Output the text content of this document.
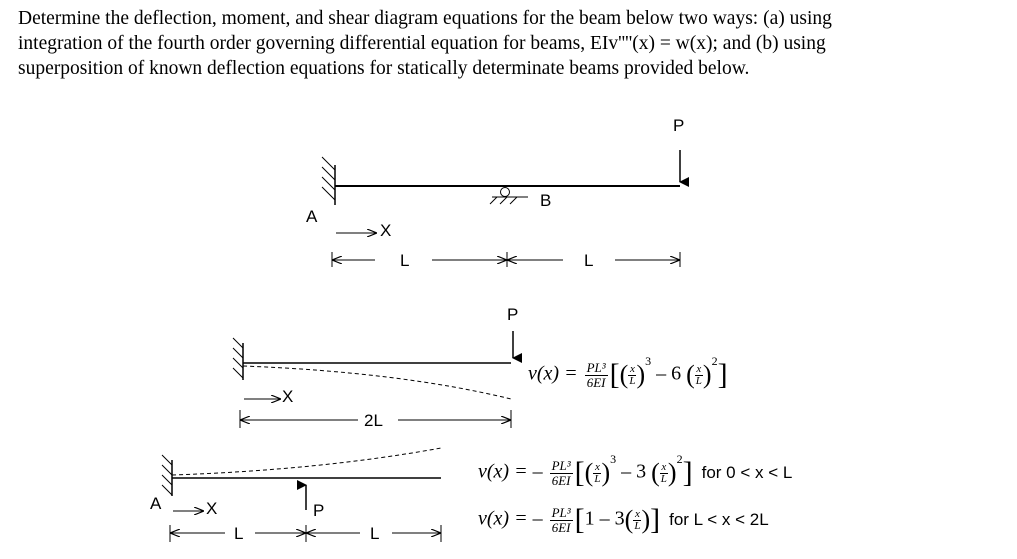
Determine the deflection, moment, and shear diagram equations for the beam below two ways: (a) using
integration of the fourth order governing differential equation for beams, EIv''''(x) = w(x); and (b) using
superposition of known deflection equations for statically determinate beams provided below.
P
B
A
X
L	L
P
X
2L
A	P
X
L	L
$v(x) = \frac{\text{PL³}}{6EI}$ [( $\frac{x}{L} )^3 - 6$ ( $\frac{x}{L} )^2$]
v(x) = – $\frac{\text{PL³}}{6EI}$ [( $\frac{x}{L} )^3 - 3$ ( $\frac{x}{L} )^2$] for 0 < x < L
v(x) = – $\frac{\text{PL³}}{6EI} [1 - 3( \frac{x}{L}$ )] for L < x < 2L
